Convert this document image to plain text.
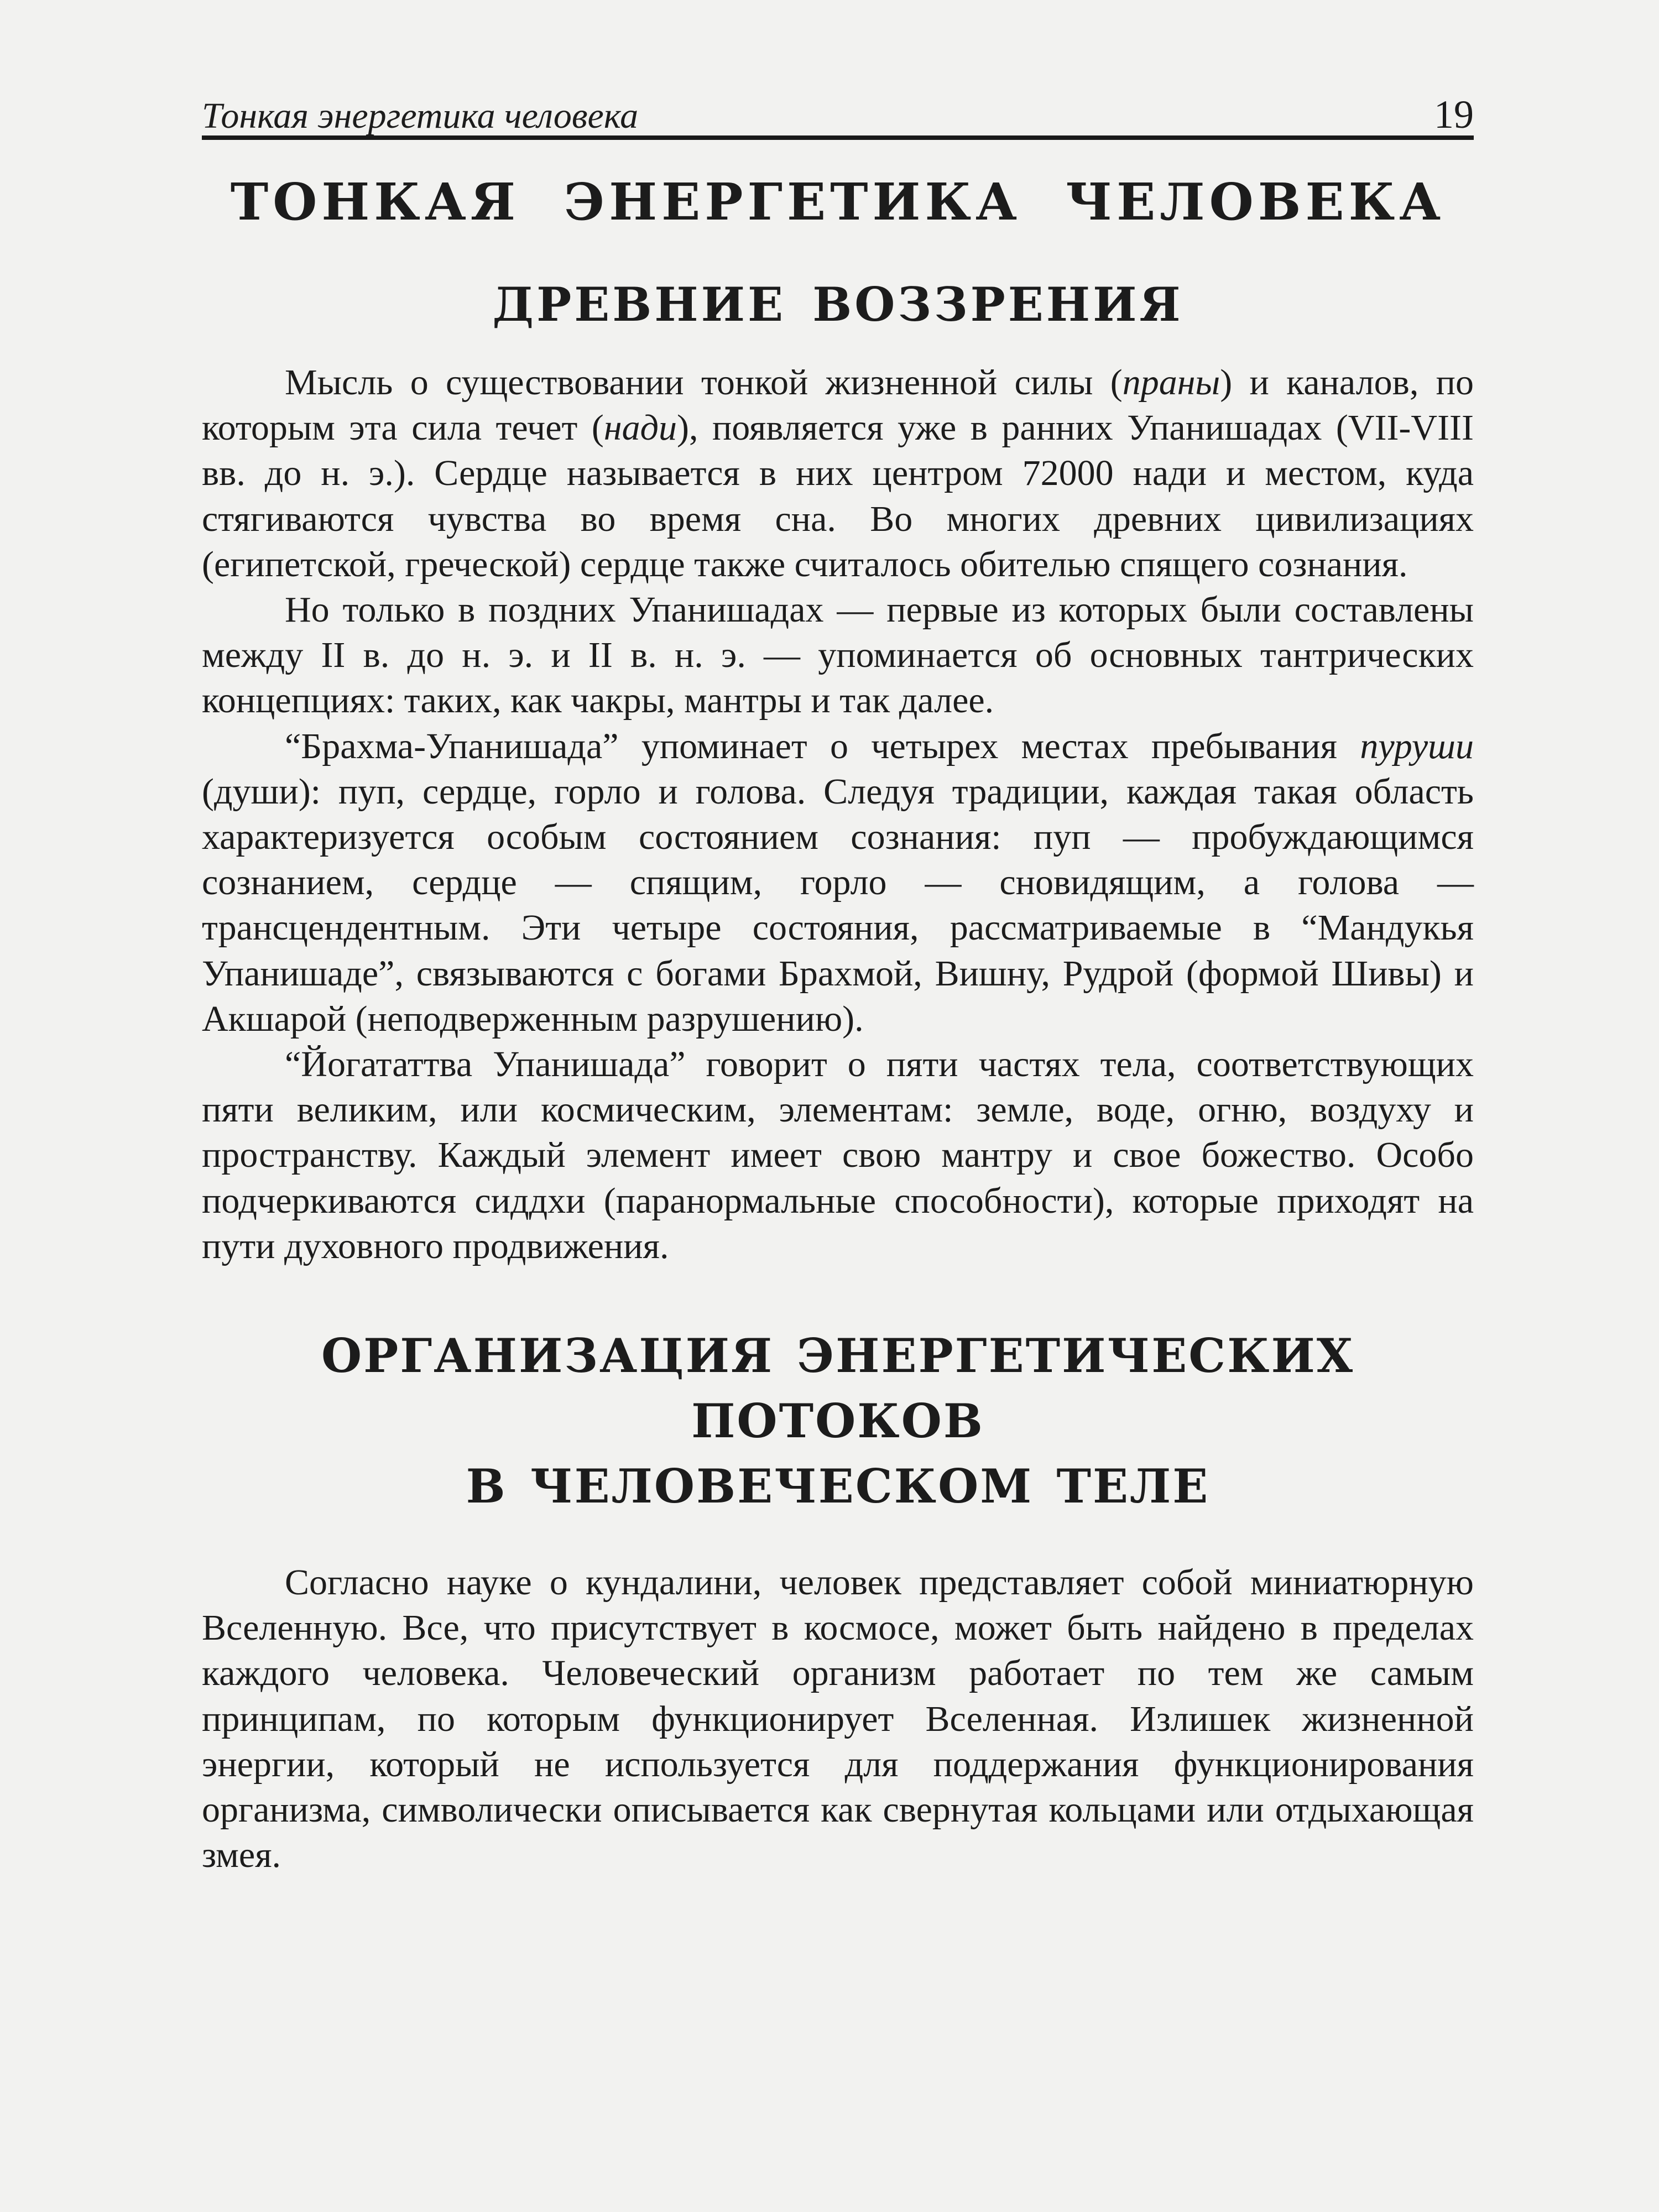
Тонкая энергетика человека	19
ТОНКАЯ ЭНЕРГЕТИКА ЧЕЛОВЕКА
ДРЕВНИЕ ВОЗЗРЕНИЯ

Мысль о существовании тонкой жизненной силы (праны) и каналов, по которым эта сила течет (нади), появляется уже в ранних Упанишадах (VII-VIII вв. до н. э.). Сердце называется в них центром 72000 нади и местом, куда стягиваются чувства во время сна. Во многих древних цивилизациях (египетской, греческой) сердце также считалось обителью спящего сознания.

Но только в поздних Упанишадах — первые из которых были составлены между II в. до н. э. и II в. н. э. — упоминается об основных тантрических концепциях: таких, как чакры, мантры и так далее.

“Брахма-Упанишада” упоминает о четырех местах пребывания пуруши (души): пуп, сердце, горло и голова. Следуя традиции, каждая такая область характеризуется особым состоянием сознания: пуп — пробуждающимся сознанием, сердце — спящим, горло — сновидящим, а голова — трансцендентным. Эти четыре состояния, рассматриваемые в “Мандукья Упанишаде”, связываются с богами Брахмой, Вишну, Рудрой (формой Шивы) и Акшарой (неподверженным разрушению).

“Йогататтва Упанишада” говорит о пяти частях тела, соответствующих пяти великим, или космическим, элементам: земле, воде, огню, воздуху и пространству. Каждый элемент имеет свою мантру и свое божество. Особо подчеркиваются сиддхи (паранормальные способности), которые приходят на пути духовного продвижения.

ОРГАНИЗАЦИЯ ЭНЕРГЕТИЧЕСКИХ ПОТОКОВ
В ЧЕЛОВЕЧЕСКОМ ТЕЛЕ

Согласно науке о кундалини, человек представляет собой миниатюрную Вселенную. Все, что присутствует в космосе, может быть найдено в пределах каждого человека. Человеческий организм работает по тем же самым принципам, по которым функционирует Вселенная. Излишек жизненной энергии, который не используется для поддержания функционирования организма, символически описывается как свернутая кольцами или отдыхающая змея.
